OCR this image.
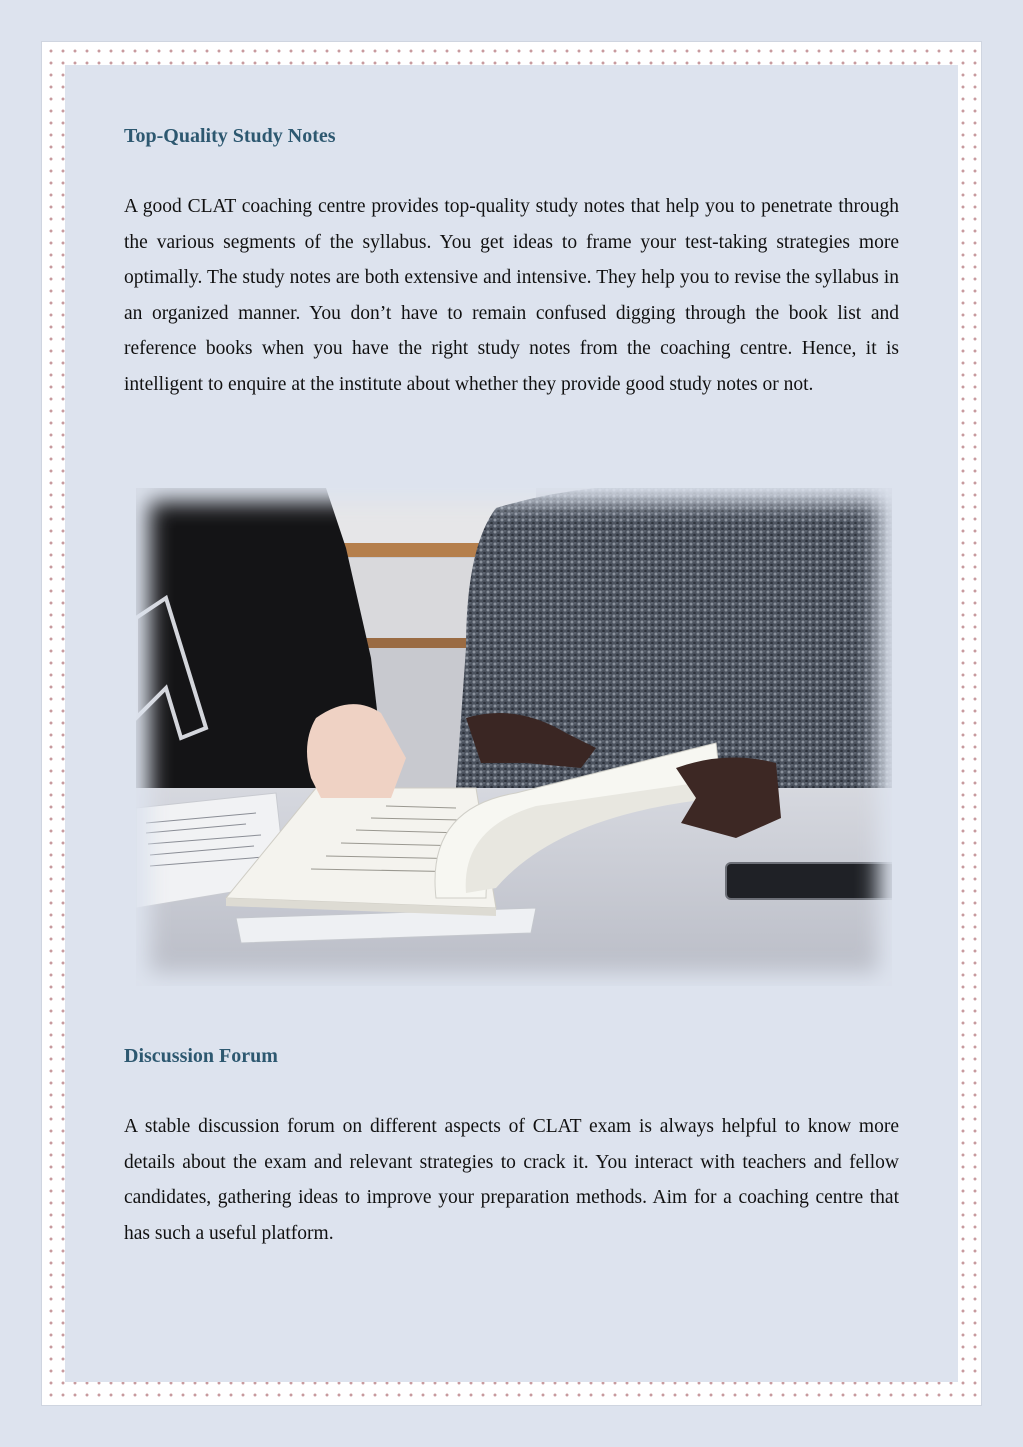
Top-Quality Study Notes

A good CLAT coaching centre provides top-quality study notes that help you to penetrate through the various segments of the syllabus. You get ideas to frame your test-taking strategies more optimally. The study notes are both extensive and intensive. They help you to revise the syllabus in an organized manner. You don’t have to remain confused digging through the book list and reference books when you have the right study notes from the coaching centre. Hence, it is intelligent to enquire at the institute about whether they provide good study notes or not.

Discussion Forum

A stable discussion forum on different aspects of CLAT exam is always helpful to know more details about the exam and relevant strategies to crack it. You interact with teachers and fellow candidates, gathering ideas to improve your preparation methods. Aim for a coaching centre that has such a useful platform.
